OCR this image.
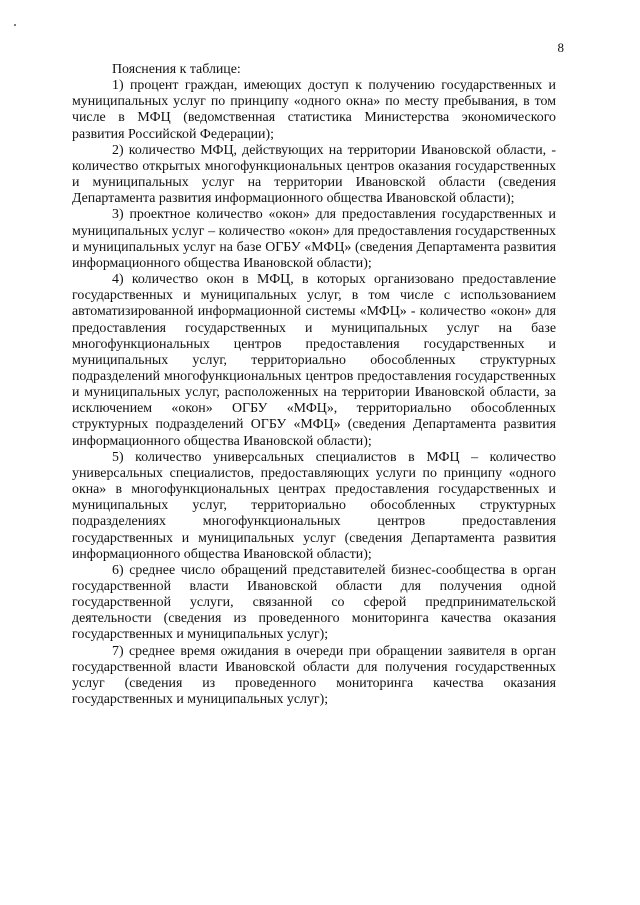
8

Пояснения к таблице:

1) процент граждан, имеющих доступ к получению государственных и муниципальных услуг по принципу «одного окна» по месту пребывания, в том числе в МФЦ (ведомственная статистика Министерства экономического развития Российской Федерации);

2) количество МФЦ, действующих на территории Ивановской области, - количество открытых многофункциональных центров оказания государственных и муниципальных услуг на территории Ивановской области (сведения Департамента развития информационного общества Ивановской области);

3) проектное количество «окон» для предоставления государственных и муниципальных услуг – количество «окон» для предоставления государственных и муниципальных услуг на базе ОГБУ «МФЦ» (сведения Департамента развития информационного общества Ивановской области);

4) количество окон в МФЦ, в которых организовано предоставление государственных и муниципальных услуг, в том числе с использованием автоматизированной информационной системы «МФЦ» - количество «окон» для предоставления государственных и муниципальных услуг на базе многофункциональных центров предоставления государственных и муниципальных услуг, территориально обособленных структурных подразделений многофункциональных центров предоставления государственных и муниципальных услуг, расположенных на территории Ивановской области, за исключением «окон» ОГБУ «МФЦ», территориально обособленных структурных подразделений ОГБУ «МФЦ» (сведения Департамента развития информационного общества Ивановской области);

5) количество универсальных специалистов в МФЦ – количество универсальных специалистов, предоставляющих услуги по принципу «одного окна» в многофункциональных центрах предоставления государственных и муниципальных услуг, территориально обособленных структурных подразделениях многофункциональных центров предоставления государственных и муниципальных услуг (сведения Департамента развития информационного общества Ивановской области);

6) среднее число обращений представителей бизнес-сообщества в орган государственной власти Ивановской области для получения одной государственной услуги, связанной со сферой предпринимательской деятельности (сведения из проведенного мониторинга качества оказания государственных и муниципальных услуг);

7) среднее время ожидания в очереди при обращении заявителя в орган государственной власти Ивановской области для получения государственных услуг (сведения из проведенного мониторинга качества оказания государственных и муниципальных услуг);
